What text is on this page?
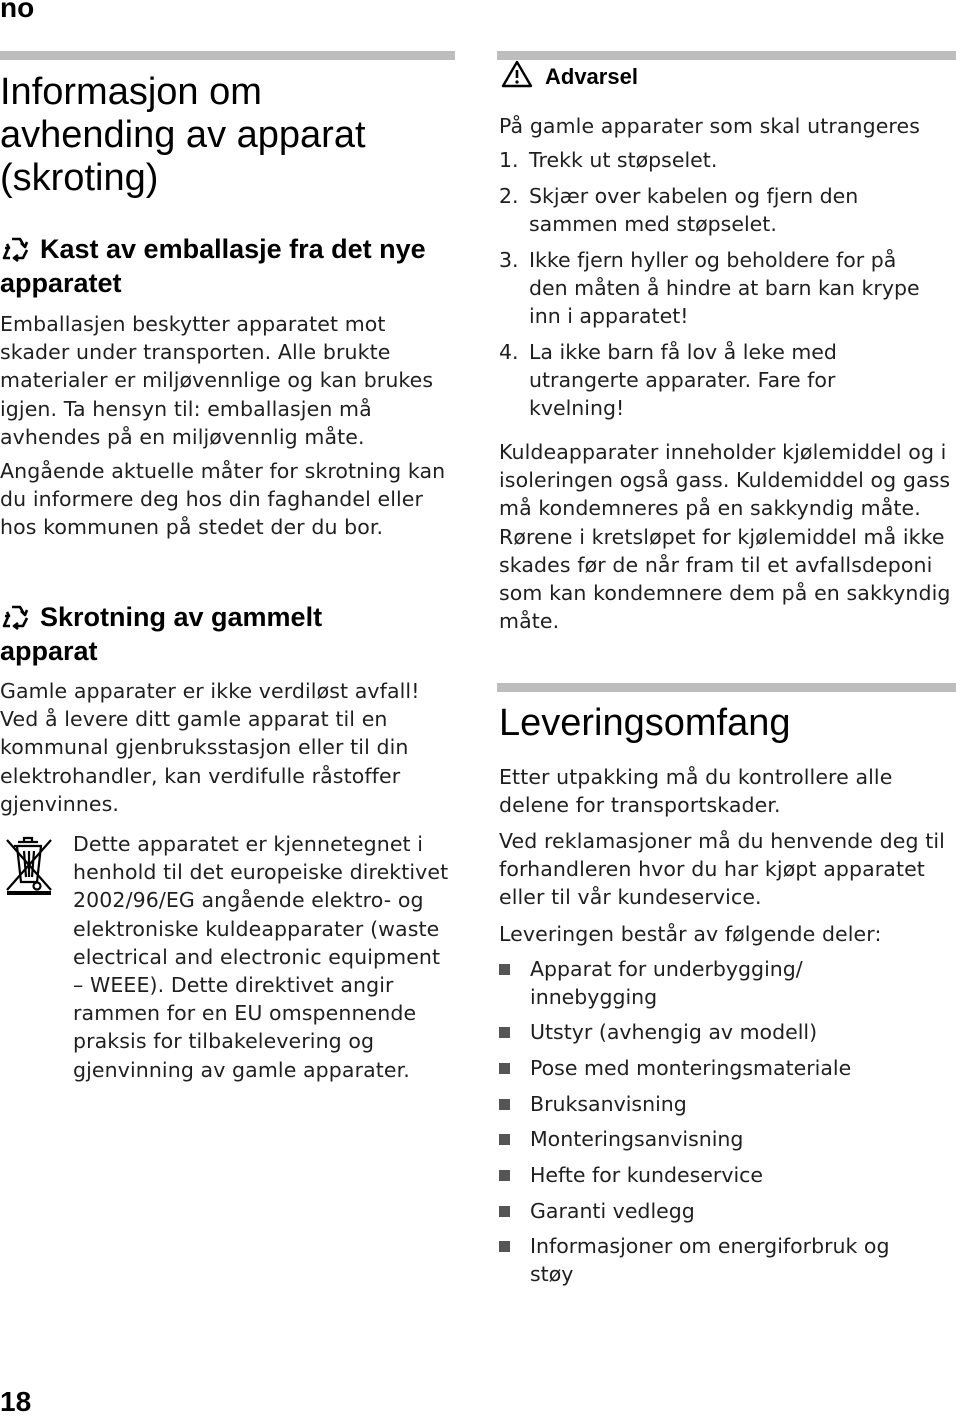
no
Informasjon om avhending av apparat (skroting)
Kast av emballasje fra det nye apparatet

Emballasjen beskytter apparatet mot skader under transporten. Alle brukte materialer er miljøvennlige og kan brukes igjen. Ta hensyn til: emballasjen må avhendes på en miljøvennlig måte.

Angående aktuelle måter for skrotning kan du informere deg hos din faghandel eller hos kommunen på stedet der du bor.

Skrotning av gammelt apparat

Gamle apparater er ikke verdiløst avfall! Ved å levere ditt gamle apparat til en kommunal gjenbruksstasjon eller til din elektrohandler, kan verdifulle råstoffer gjenvinnes.

Dette apparatet er kjennetegnet i henhold til det europeiske direktivet 2002/96/EG angående elektro- og elektroniske kuldeapparater (waste electrical and electronic equipment – WEEE). Dette direktivet angir rammen for en EU omspennende praksis for tilbakelevering og gjenvinning av gamle apparater.

Advarsel

På gamle apparater som skal utrangeres

1. Trekk ut støpselet.
2. Skjær over kabelen og fjern den sammen med støpselet.
3. Ikke fjern hyller og beholdere for på den måten å hindre at barn kan krype inn i apparatet!
4. La ikke barn få lov å leke med utrangerte apparater. Fare for kvelning!

Kuldeapparater inneholder kjølemiddel og i isoleringen også gass. Kuldemiddel og gass må kondemneres på en sakkyndig måte. Rørene i kretsløpet for kjølemiddel må ikke skades før de når fram til et avfallsdeponi som kan kondemnere dem på en sakkyndig måte.

Leveringsomfang

Etter utpakking må du kontrollere alle delene for transportskader.

Ved reklamasjoner må du henvende deg til forhandleren hvor du har kjøpt apparatet eller til vår kundeservice.

Leveringen består av følgende deler:

Apparat for underbygging/ innebygging
Utstyr (avhengig av modell)
Pose med monteringsmateriale
Bruksanvisning
Monteringsanvisning
Hefte for kundeservice
Garanti vedlegg
Informasjoner om energiforbruk og støy
18
